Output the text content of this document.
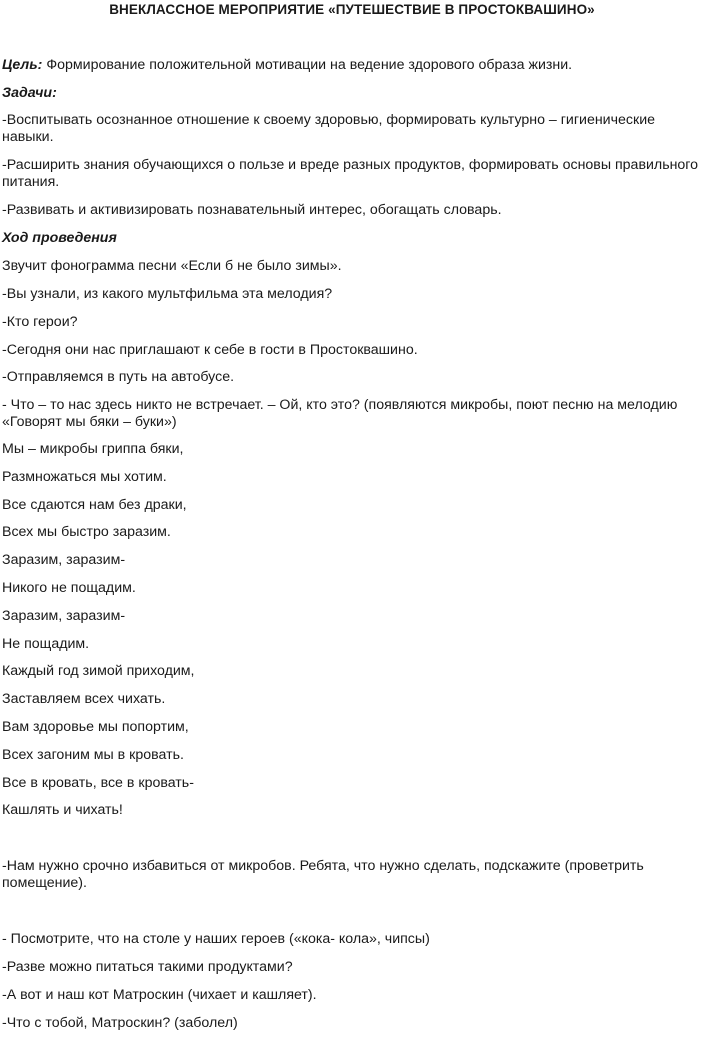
ВНЕКЛАССНОЕ МЕРОПРИЯТИЕ «ПУТЕШЕСТВИЕ В ПРОСТОКВАШИНО»
Цель: Формирование положительной мотивации на ведение здорового образа жизни.
Задачи:
-Воспитывать осознанное отношение к своему здоровью, формировать культурно – гигиенические навыки.
-Расширить знания обучающихся о пользе и вреде разных продуктов, формировать основы правильного питания.
-Развивать и активизировать познавательный интерес, обогащать словарь.
Ход проведения
Звучит фонограмма песни «Если б не было зимы».
-Вы узнали, из какого мультфильма эта мелодия?
-Кто герои?
-Сегодня они нас приглашают к себе в гости в Простоквашино.
-Отправляемся в путь на автобусе.
- Что – то нас здесь никто не встречает. – Ой, кто это? (появляются микробы, поют песню на мелодию «Говорят мы бяки – буки»)
Мы – микробы гриппа бяки,
Размножаться мы хотим.
Все сдаются нам без драки,
Всех мы быстро заразим.
Заразим, заразим-
Никого не пощадим.
Заразим, заразим-
Не пощадим.
Каждый год зимой приходим,
Заставляем всех чихать.
Вам здоровье мы попортим,
Всех загоним мы в кровать.
Все в кровать, все в кровать-
Кашлять и чихать!
-Нам нужно срочно избавиться от микробов. Ребята, что нужно сделать, подскажите (проветрить помещение).
- Посмотрите, что на столе у наших героев («кока- кола», чипсы)
-Разве можно питаться такими продуктами?
-А вот и наш кот Матроскин (чихает и кашляет).
-Что с тобой, Матроскин? (заболел)
